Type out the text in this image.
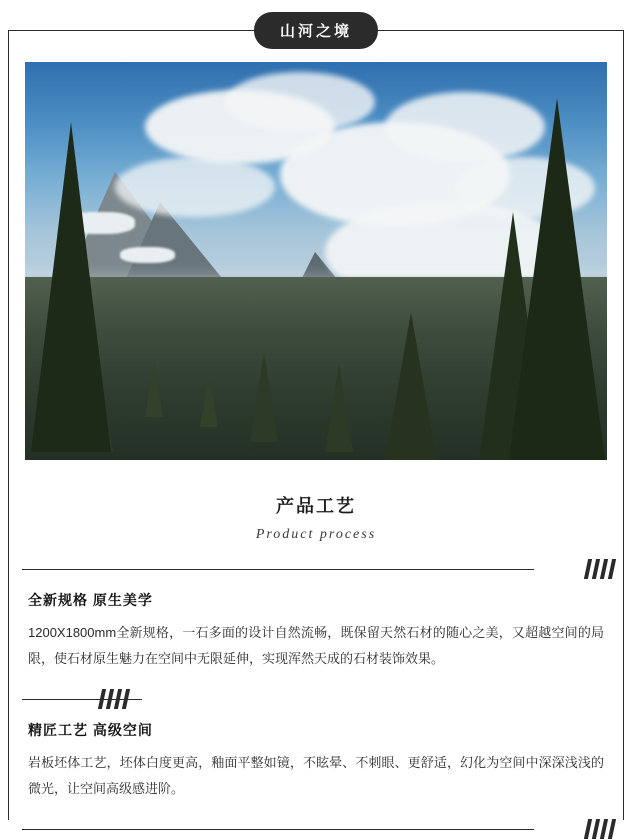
山河之境
产品工艺
Product process
全新规格 原生美学

1200X1800mm全新规格，一石多面的设计自然流畅，既保留天然石材的随心之美，又超越空间的局限，使石材原生魅力在空间中无限延伸，实现浑然天成的石材装饰效果。

精匠工艺 高级空间

岩板坯体工艺，坯体白度更高，釉面平整如镜，不眩晕、不刺眼、更舒适，幻化为空间中深深浅浅的微光，让空间高级感进阶。
